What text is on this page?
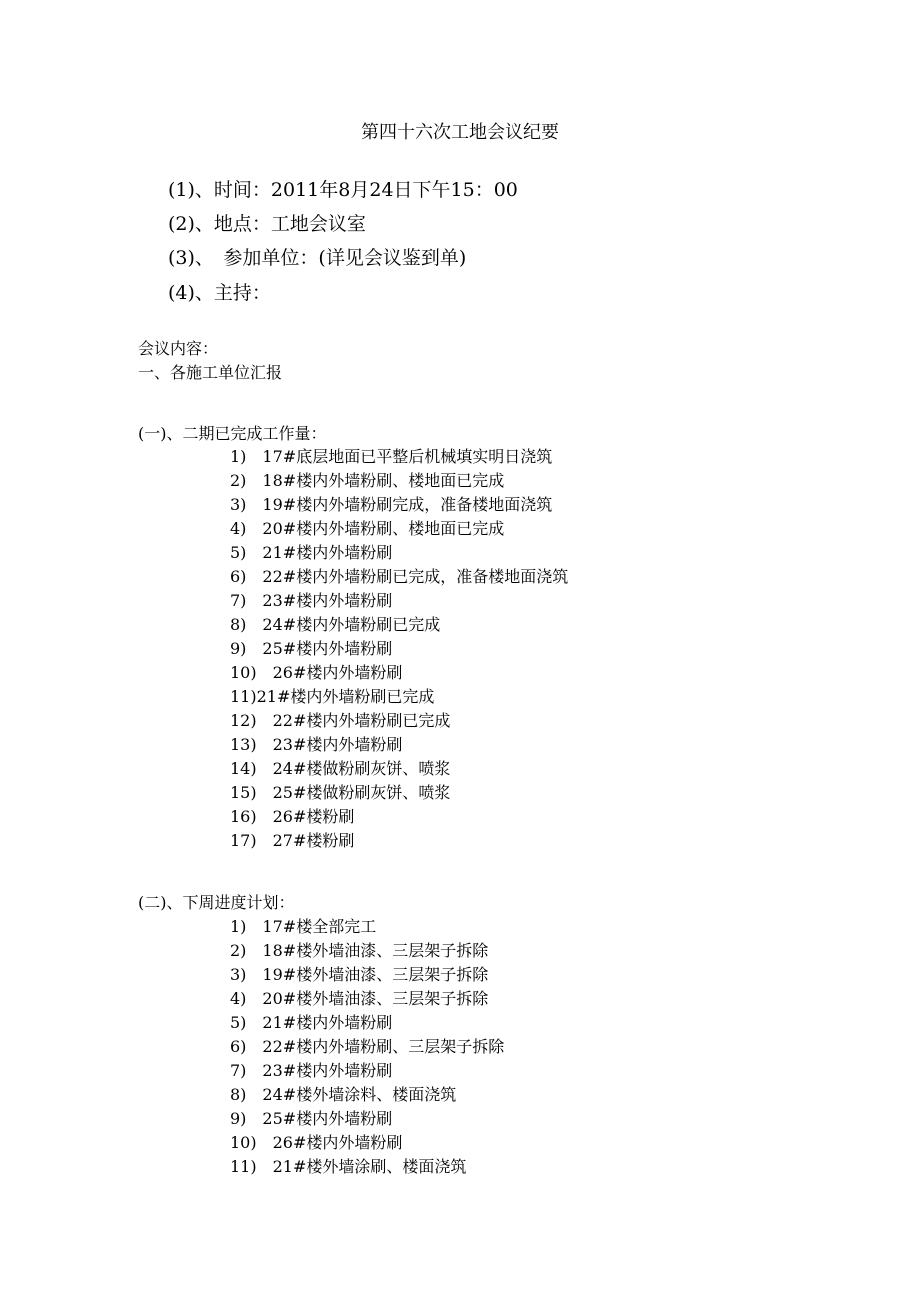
第四十六次工地会议纪要
(1)、时间：2011年8月24日下午15：00
(2)、地点：工地会议室
(3)、　参加单位：(详见会议鉴到单)
(4)、主持：
会议内容：
一、各施工单位汇报
(一)、二期已完成工作量：
1)　17#底层地面已平整后机械填实明日浇筑
2)　18#楼内外墙粉刷、楼地面已完成
3)　19#楼内外墙粉刷完成，准备楼地面浇筑
4)　20#楼内外墙粉刷、楼地面已完成
5)　21#楼内外墙粉刷
6)　22#楼内外墙粉刷已完成，准备楼地面浇筑
7)　23#楼内外墙粉刷
8)　24#楼内外墙粉刷已完成
9)　25#楼内外墙粉刷
10)　26#楼内外墙粉刷
11)21#楼内外墙粉刷已完成
12)　22#楼内外墙粉刷已完成
13)　23#楼内外墙粉刷
14)　24#楼做粉刷灰饼、喷浆
15)　25#楼做粉刷灰饼、喷浆
16)　26#楼粉刷
17)　27#楼粉刷
(二)、下周进度计划：
1)　17#楼全部完工
2)　18#楼外墙油漆、三层架子拆除
3)　19#楼外墙油漆、三层架子拆除
4)　20#楼外墙油漆、三层架子拆除
5)　21#楼内外墙粉刷
6)　22#楼内外墙粉刷、三层架子拆除
7)　23#楼内外墙粉刷
8)　24#楼外墙涂料、楼面浇筑
9)　25#楼内外墙粉刷
10)　26#楼内外墙粉刷
11)　21#楼外墙涂刷、楼面浇筑
